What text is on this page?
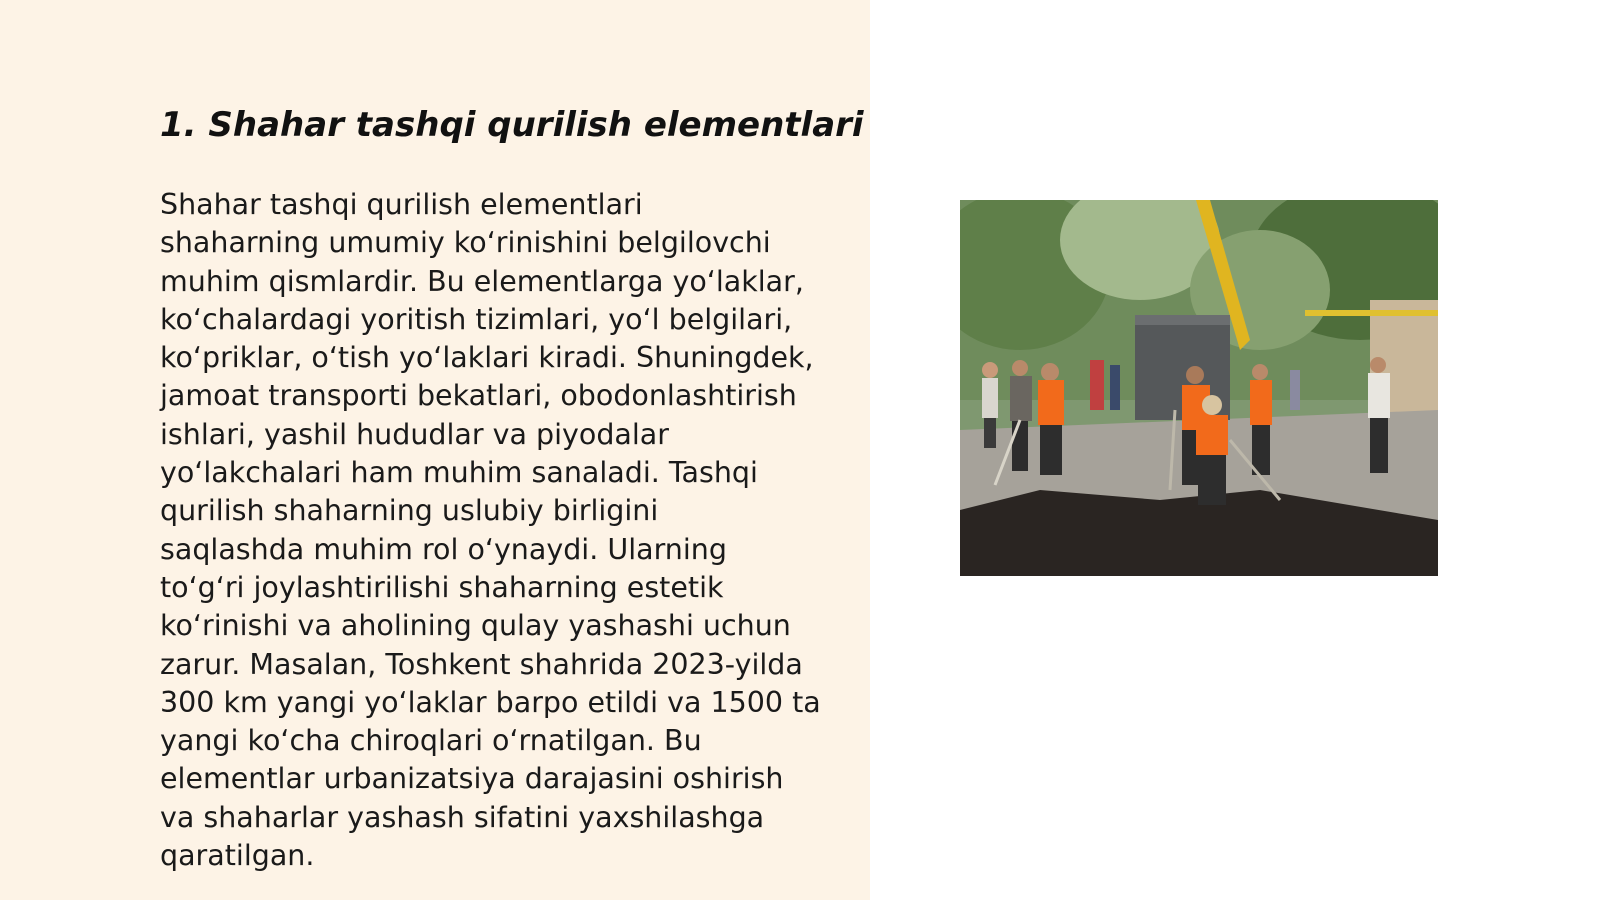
1. Shahar tashqi qurilish elementlari
Shahar tashqi qurilish elementlari
shaharning umumiy koʻrinishini belgilovchi
muhim qismlardir. Bu elementlarga yoʻlaklar,
koʻchalardagi yoritish tizimlari, yoʻl belgilari,
koʻpriklar, oʻtish yoʻlaklari kiradi. Shuningdek,
jamoat transporti bekatlari, obodonlashtirish
ishlari, yashil hududlar va piyodalar
yoʻlakchalari ham muhim sanaladi. Tashqi
qurilish shaharning uslubiy birligini
saqlashda muhim rol oʻynaydi. Ularning
toʻgʻri joylashtirilishi shaharning estetik
koʻrinishi va aholining qulay yashashi uchun
zarur. Masalan, Toshkent shahrida 2023-yilda
300 km yangi yoʻlaklar barpo etildi va 1500 ta
yangi koʻcha chiroqlari oʻrnatilgan. Bu
elementlar urbanizatsiya darajasini oshirish
va shaharlar yashash sifatini yaxshilashga
qaratilgan.
